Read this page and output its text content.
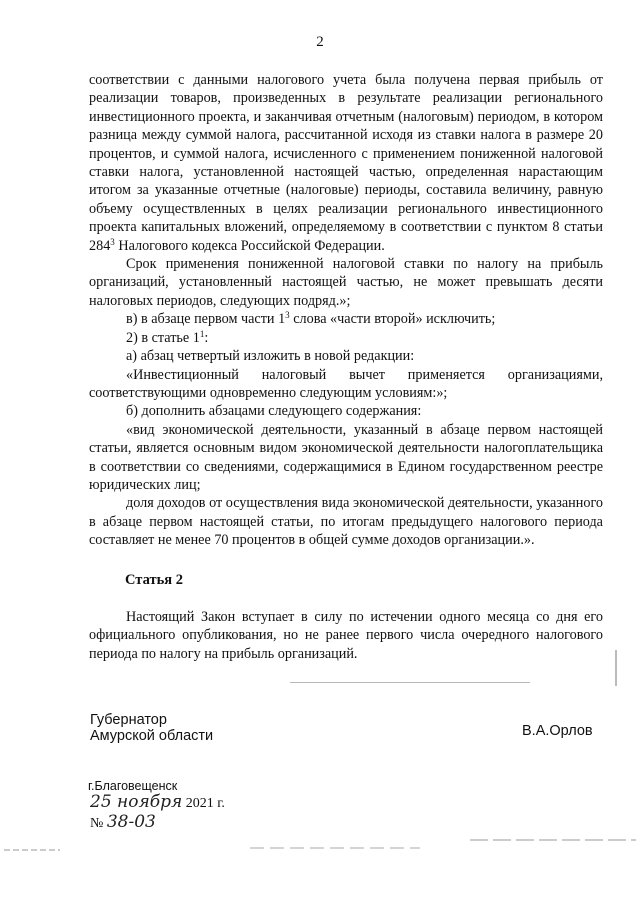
2

соответствии с данными налогового учета была получена первая прибыль от реализации товаров, произведенных в результате реализации регионального инвестиционного проекта, и заканчивая отчетным (налоговым) периодом, в котором разница между суммой налога, рассчитанной исходя из ставки налога в размере 20 процентов, и суммой налога, исчисленного с применением пониженной налоговой ставки налога, установленной настоящей частью, определенная нарастающим итогом за указанные отчетные (налоговые) периоды, составила величину, равную объему осуществленных в целях реализации регионального инвестиционного проекта капитальных вложений, определяемому в соответствии с пунктом 8 статьи $284^3$ Налогового кодекса Российской Федерации.

Срок применения пониженной налоговой ставки по налогу на прибыль организаций, установленный настоящей частью, не может превышать десяти налоговых периодов, следующих подряд.»;

в) в абзаце первом части $1^3$ слова «части второй» исключить;

2) в статье $1^1$:

а) абзац четвертый изложить в новой редакции:

«Инвестиционный налоговый вычет применяется организациями, соответствующими одновременно следующим условиям:»;

б) дополнить абзацами следующего содержания:

«вид экономической деятельности, указанный в абзаце первом настоящей статьи, является основным видом экономической деятельности налогоплательщика в соответствии со сведениями, содержащимися в Едином государственном реестре юридических лиц;

доля доходов от осуществления вида экономической деятельности, указанного в абзаце первом настоящей статьи, по итогам предыдущего налогового периода составляет не менее 70 процентов в общей сумме доходов организации.».

Статья 2

Настоящий Закон вступает в силу по истечении одного месяца со дня его официального опубликования, но не ранее первого числа очередного налогового периода по налогу на прибыль организаций.

Губернатор
Амурской области	В.А.Орлов
г.Благовещенск
25 ноября 2021 г.
№ 38-03
